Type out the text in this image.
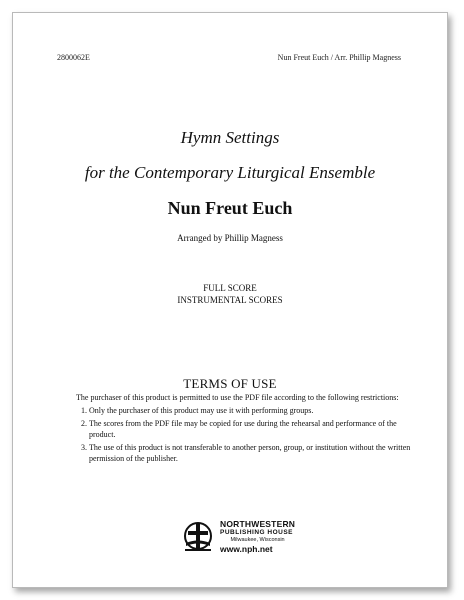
2800062E	Nun Freut Euch / Arr. Phillip Magness
Hymn Settings
for the Contemporary Liturgical Ensemble
Nun Freut Euch
Arranged by Phillip Magness
FULL SCORE
INSTRUMENTAL SCORES
TERMS OF USE

The purchaser of this product is permitted to use the PDF file according to the following restrictions:

1. Only the purchaser of this product may use it with performing groups.
2. The scores from the PDF file may be copied for use during the rehearsal and performance of the product.
3. The use of this product is not transferable to another person, group, or institution without the written permission of the publisher.
NORTHWESTERN
PUBLISHING HOUSE
Milwaukee, Wisconsin
www.nph.net
